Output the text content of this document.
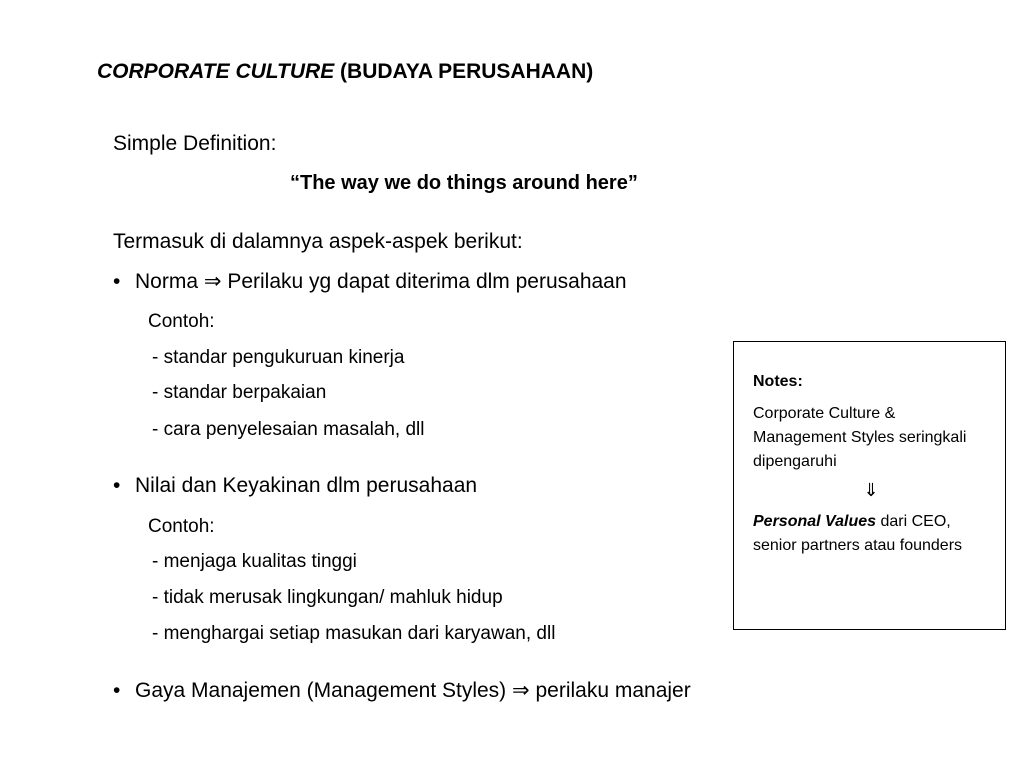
CORPORATE CULTURE (BUDAYA PERUSAHAAN)
Simple Definition:
“The way we do things around here”
Termasuk di dalamnya aspek-aspek berikut:
• Norma ⇒ Perilaku yg dapat diterima dlm perusahaan
Contoh:
- standar pengukuruan kinerja
- standar berpakaian
- cara penyelesaian masalah, dll
• Nilai dan Keyakinan dlm perusahaan
Contoh:
- menjaga kualitas tinggi
- tidak merusak lingkungan/ mahluk hidup
- menghargai setiap masukan dari karyawan, dll
• Gaya Manajemen (Management Styles) ⇒ perilaku manajer
Notes:
Corporate Culture & Management Styles seringkali dipengaruhi
⇓
Personal Values dari CEO, senior partners atau founders
